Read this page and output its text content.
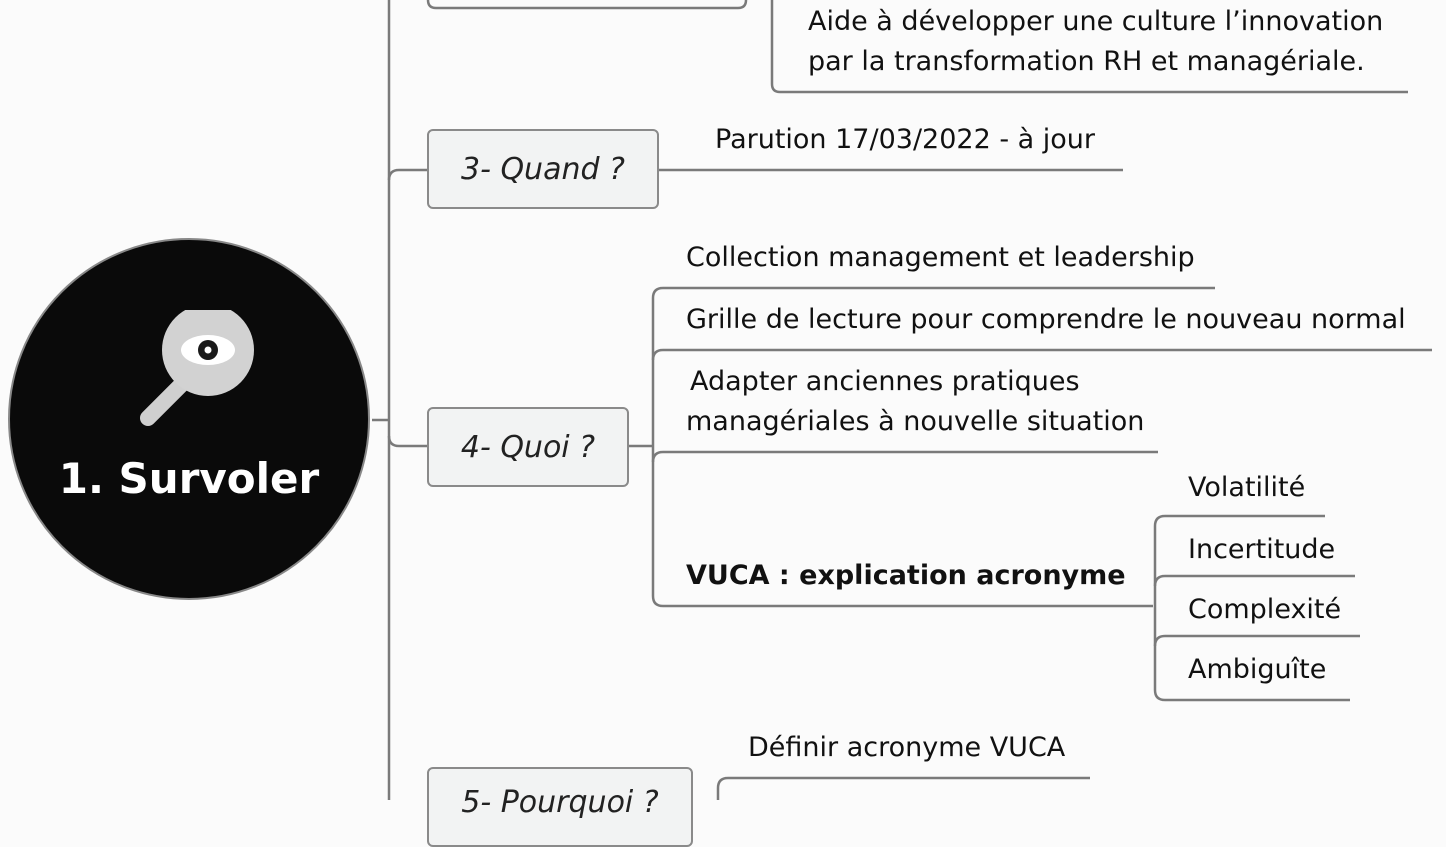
1. Survoler
Aide à développer une culture l’innovation
par la transformation RH et managériale.
3- Quand ?
Parution 17/03/2022 - à jour
4- Quoi ?
Collection management et leadership
Grille de lecture pour comprendre le nouveau normal
Adapter anciennes pratiques
managériales à nouvelle situation
VUCA : explication acronyme
Volatilité
Incertitude
Complexité
Ambiguîte
5- Pourquoi ?
Définir acronyme VUCA
